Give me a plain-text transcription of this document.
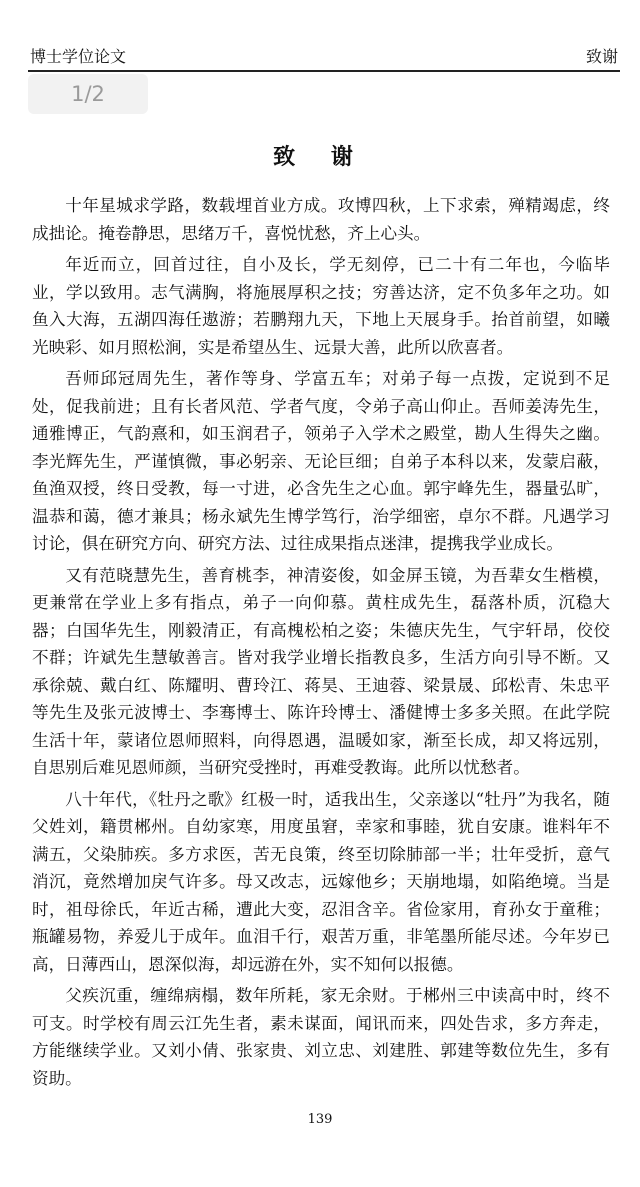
博士学位论文	致谢
1/2
致 谢

十年星城求学路，数载埋首业方成。攻博四秋，上下求索，殚精竭虑，终成拙论。掩卷静思，思绪万千，喜悦忧愁，齐上心头。

年近而立，回首过往，自小及长，学无刻停，已二十有二年也，今临毕业，学以致用。志气满胸，将施展厚积之技；穷善达济，定不负多年之功。如鱼入大海，五湖四海任遨游；若鹏翔九天，下地上天展身手。抬首前望，如曦光映彩、如月照松涧，实是希望丛生、远景大善，此所以欣喜者。

吾师邱冠周先生，著作等身、学富五车；对弟子每一点拨，定说到不足处，促我前进；且有长者风范、学者气度，令弟子高山仰止。吾师姜涛先生，通雅博正，气韵熹和，如玉润君子，领弟子入学术之殿堂，勘人生得失之幽。李光辉先生，严谨慎微，事必躬亲、无论巨细；自弟子本科以来，发蒙启蔽，鱼渔双授，终日受教，每一寸进，必含先生之心血。郭宇峰先生，器量弘旷，温恭和蔼，德才兼具；杨永斌先生博学笃行，治学细密，卓尔不群。凡遇学习讨论，俱在研究方向、研究方法、过往成果指点迷津，提携我学业成长。

又有范晓慧先生，善育桃李，神清姿俊，如金屏玉镜，为吾辈女生楷模，更兼常在学业上多有指点，弟子一向仰慕。黄柱成先生，磊落朴质，沉稳大器；白国华先生，刚毅清正，有高槐松柏之姿；朱德庆先生，气宇轩昂，佼佼不群；许斌先生慧敏善言。皆对我学业增长指教良多，生活方向引导不断。又承徐兢、戴白红、陈耀明、曹玲江、蒋昊、王迪蓉、梁景晟、邱松青、朱忠平等先生及张元波博士、李骞博士、陈许玲博士、潘健博士多多关照。在此学院生活十年，蒙诸位恩师照料，向得恩遇，温暖如家，渐至长成，却又将远别，自思别后难见恩师颜，当研究受挫时，再难受教诲。此所以忧愁者。

八十年代，《牡丹之歌》红极一时，适我出生，父亲遂以“牡丹”为我名，随父姓刘，籍贯郴州。自幼家寒，用度虽窘，幸家和事睦，犹自安康。谁料年不满五，父染肺疾。多方求医，苦无良策，终至切除肺部一半；壮年受折，意气消沉，竟然增加戾气许多。母又改志，远嫁他乡；天崩地塌，如陷绝境。当是时，祖母徐氏，年近古稀，遭此大变，忍泪含辛。省俭家用，育孙女于童稚；瓶罐易物，养爱儿于成年。血泪千行，艰苦万重，非笔墨所能尽述。今年岁已高，日薄西山，恩深似海，却远游在外，实不知何以报德。

父疾沉重，缠绵病榻，数年所耗，家无余财。于郴州三中读高中时，终不可支。时学校有周云江先生者，素未谋面，闻讯而来，四处告求，多方奔走，方能继续学业。又刘小倩、张家贵、刘立忠、刘建胜、郭建等数位先生，多有资助。

139
